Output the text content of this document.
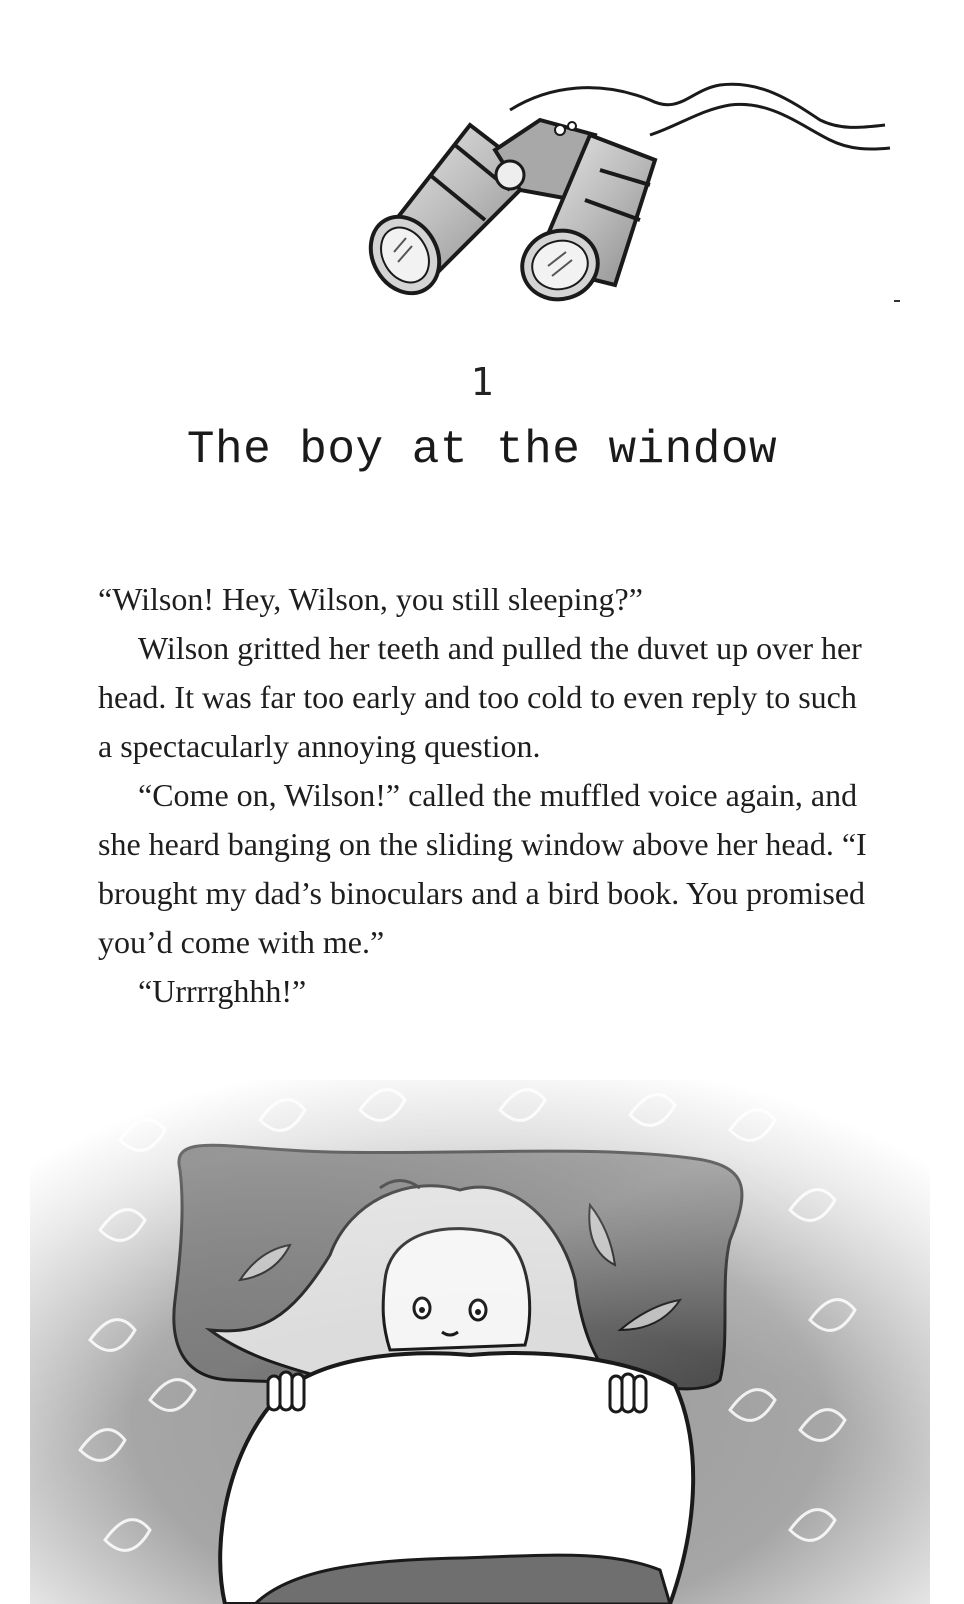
1
The boy at the window

“Wilson! Hey, Wilson, you still sleeping?”

Wilson gritted her teeth and pulled the duvet up over her head. It was far too early and too cold to even reply to such a spectacularly annoying question.

“Come on, Wilson!” called the muffled voice again, and she heard banging on the sliding window above her head. “I brought my dad’s binoculars and a bird book. You promised you’d come with me.”

“Urrrrghhh!”
